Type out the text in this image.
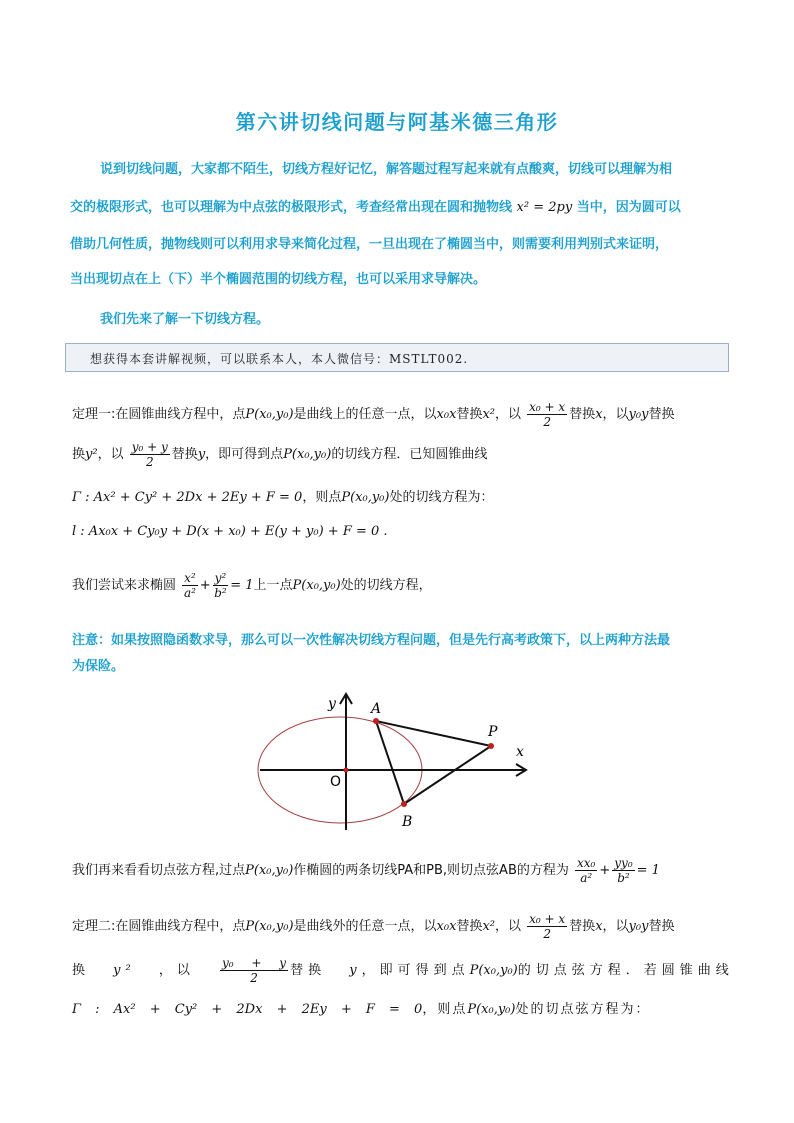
第六讲切线问题与阿基米德三角形
说到切线问题，大家都不陌生，切线方程好记忆，解答题过程写起来就有点酸爽，切线可以理解为相
交的极限形式，也可以理解为中点弦的极限形式，考查经常出现在圆和抛物线 x² = 2py 当中，因为圆可以
借助几何性质，抛物线则可以利用求导来简化过程，一旦出现在了椭圆当中，则需要利用判别式来证明，
当出现切点在上（下）半个椭圆范围的切线方程，也可以采用求导解决。
我们先来了解一下切线方程。
想获得本套讲解视频，可以联系本人，本人微信号：MSTLT002.
定理一:在圆锥曲线方程中，点P(x₀,y₀)是曲线上的任意一点，以x₀x替换x²，以 $\frac{\text{x₀ + x}}{2}$ 替换x，以y₀y替换
换y²，以 $\frac{\text{y₀ + y}}{2}$ 替换y，即可得到点P(x₀,y₀)的切线方程．已知圆锥曲线
Γ : Ax² + Cy² + 2Dx + 2Ey + F = 0，则点P(x₀,y₀)处的切线方程为：
l : Ax₀x + Cy₀y + D(x + x₀) + E(y + y₀) + F = 0 .
我们尝试来求椭圆 $\frac{\text{x²}}{\text{a²}} + \frac{\text{y²}}{\text{b²}} = 1$上一点P(x₀,y₀)处的切线方程，
注意：如果按照隐函数求导，那么可以一次性解决切线方程问题，但是先行高考政策下，以上两种方法最
为保险。
y
x
A
P
O
B
我们再来看看切点弦方程,过点P(x₀,y₀)作椭圆的两条切线PA和PB,则切点弦AB的方程为 $\frac{\text{xx₀}}{\text{a²}} + \frac{\text{yy₀}}{\text{b²}} = 1$
定理二:在圆锥曲线方程中，点P(x₀,y₀)是曲线外的任意一点，以x₀x替换x²，以 $\frac{\text{x₀ + x}}{2}$ 替换x，以y₀y替换
换 y² ，以 $\frac{\text{y₀ + y}}{2}$ 替换 y，即可得到点P(x₀,y₀)的切点弦方程．若圆锥曲线
Γ : Ax² + Cy² + 2Dx + 2Ey + F = 0，则点P(x₀,y₀)处的切点弦方程为：
